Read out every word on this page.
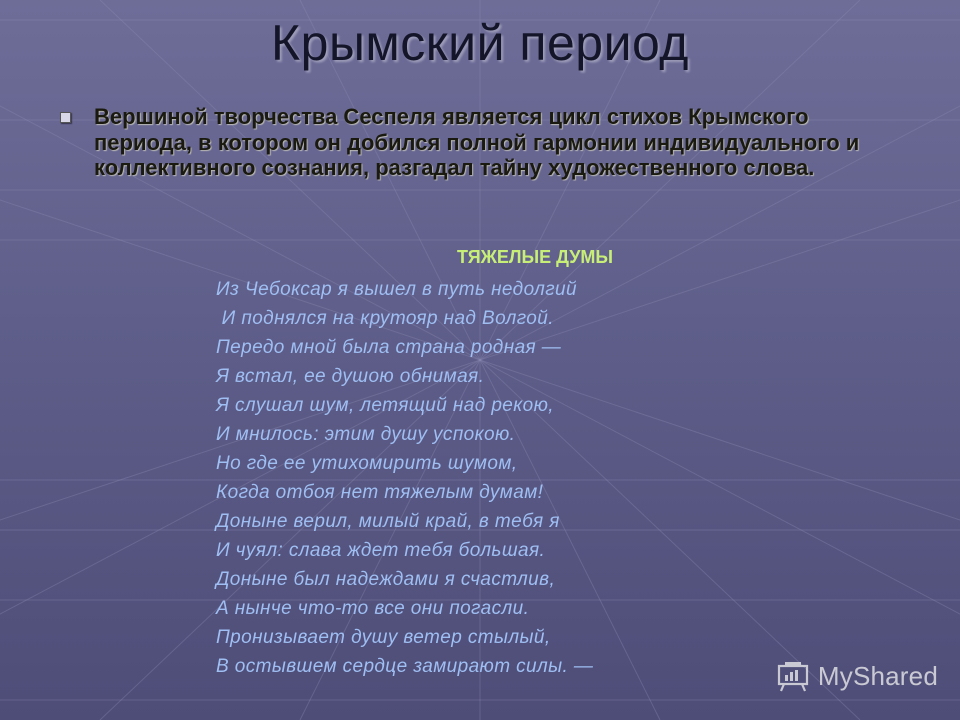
Крымский период
Вершиной творчества Сеспеля является цикл стихов Крымского периода, в котором он добился полной гармонии индивидуального и коллективного сознания, разгадал тайну художественного слова.
ТЯЖЕЛЫЕ ДУМЫ
Из Чебоксар я вышел в путь недолгий
И поднялся на крутояр над Волгой.
Передо мной была страна родная —
Я встал, ее душою обнимая.
Я слушал шум, летящий над рекою,
И мнилось: этим душу успокою.
Но где ее утихомирить шумом,
Когда отбоя нет тяжелым думам!
Доныне верил, милый край, в тебя я
И чуял: слава ждет тебя большая.
Доныне был надеждами я счастлив,
А нынче что-то все они погасли.
Пронизывает душу ветер стылый,
В остывшем сердце замирают силы. —	MyShared
